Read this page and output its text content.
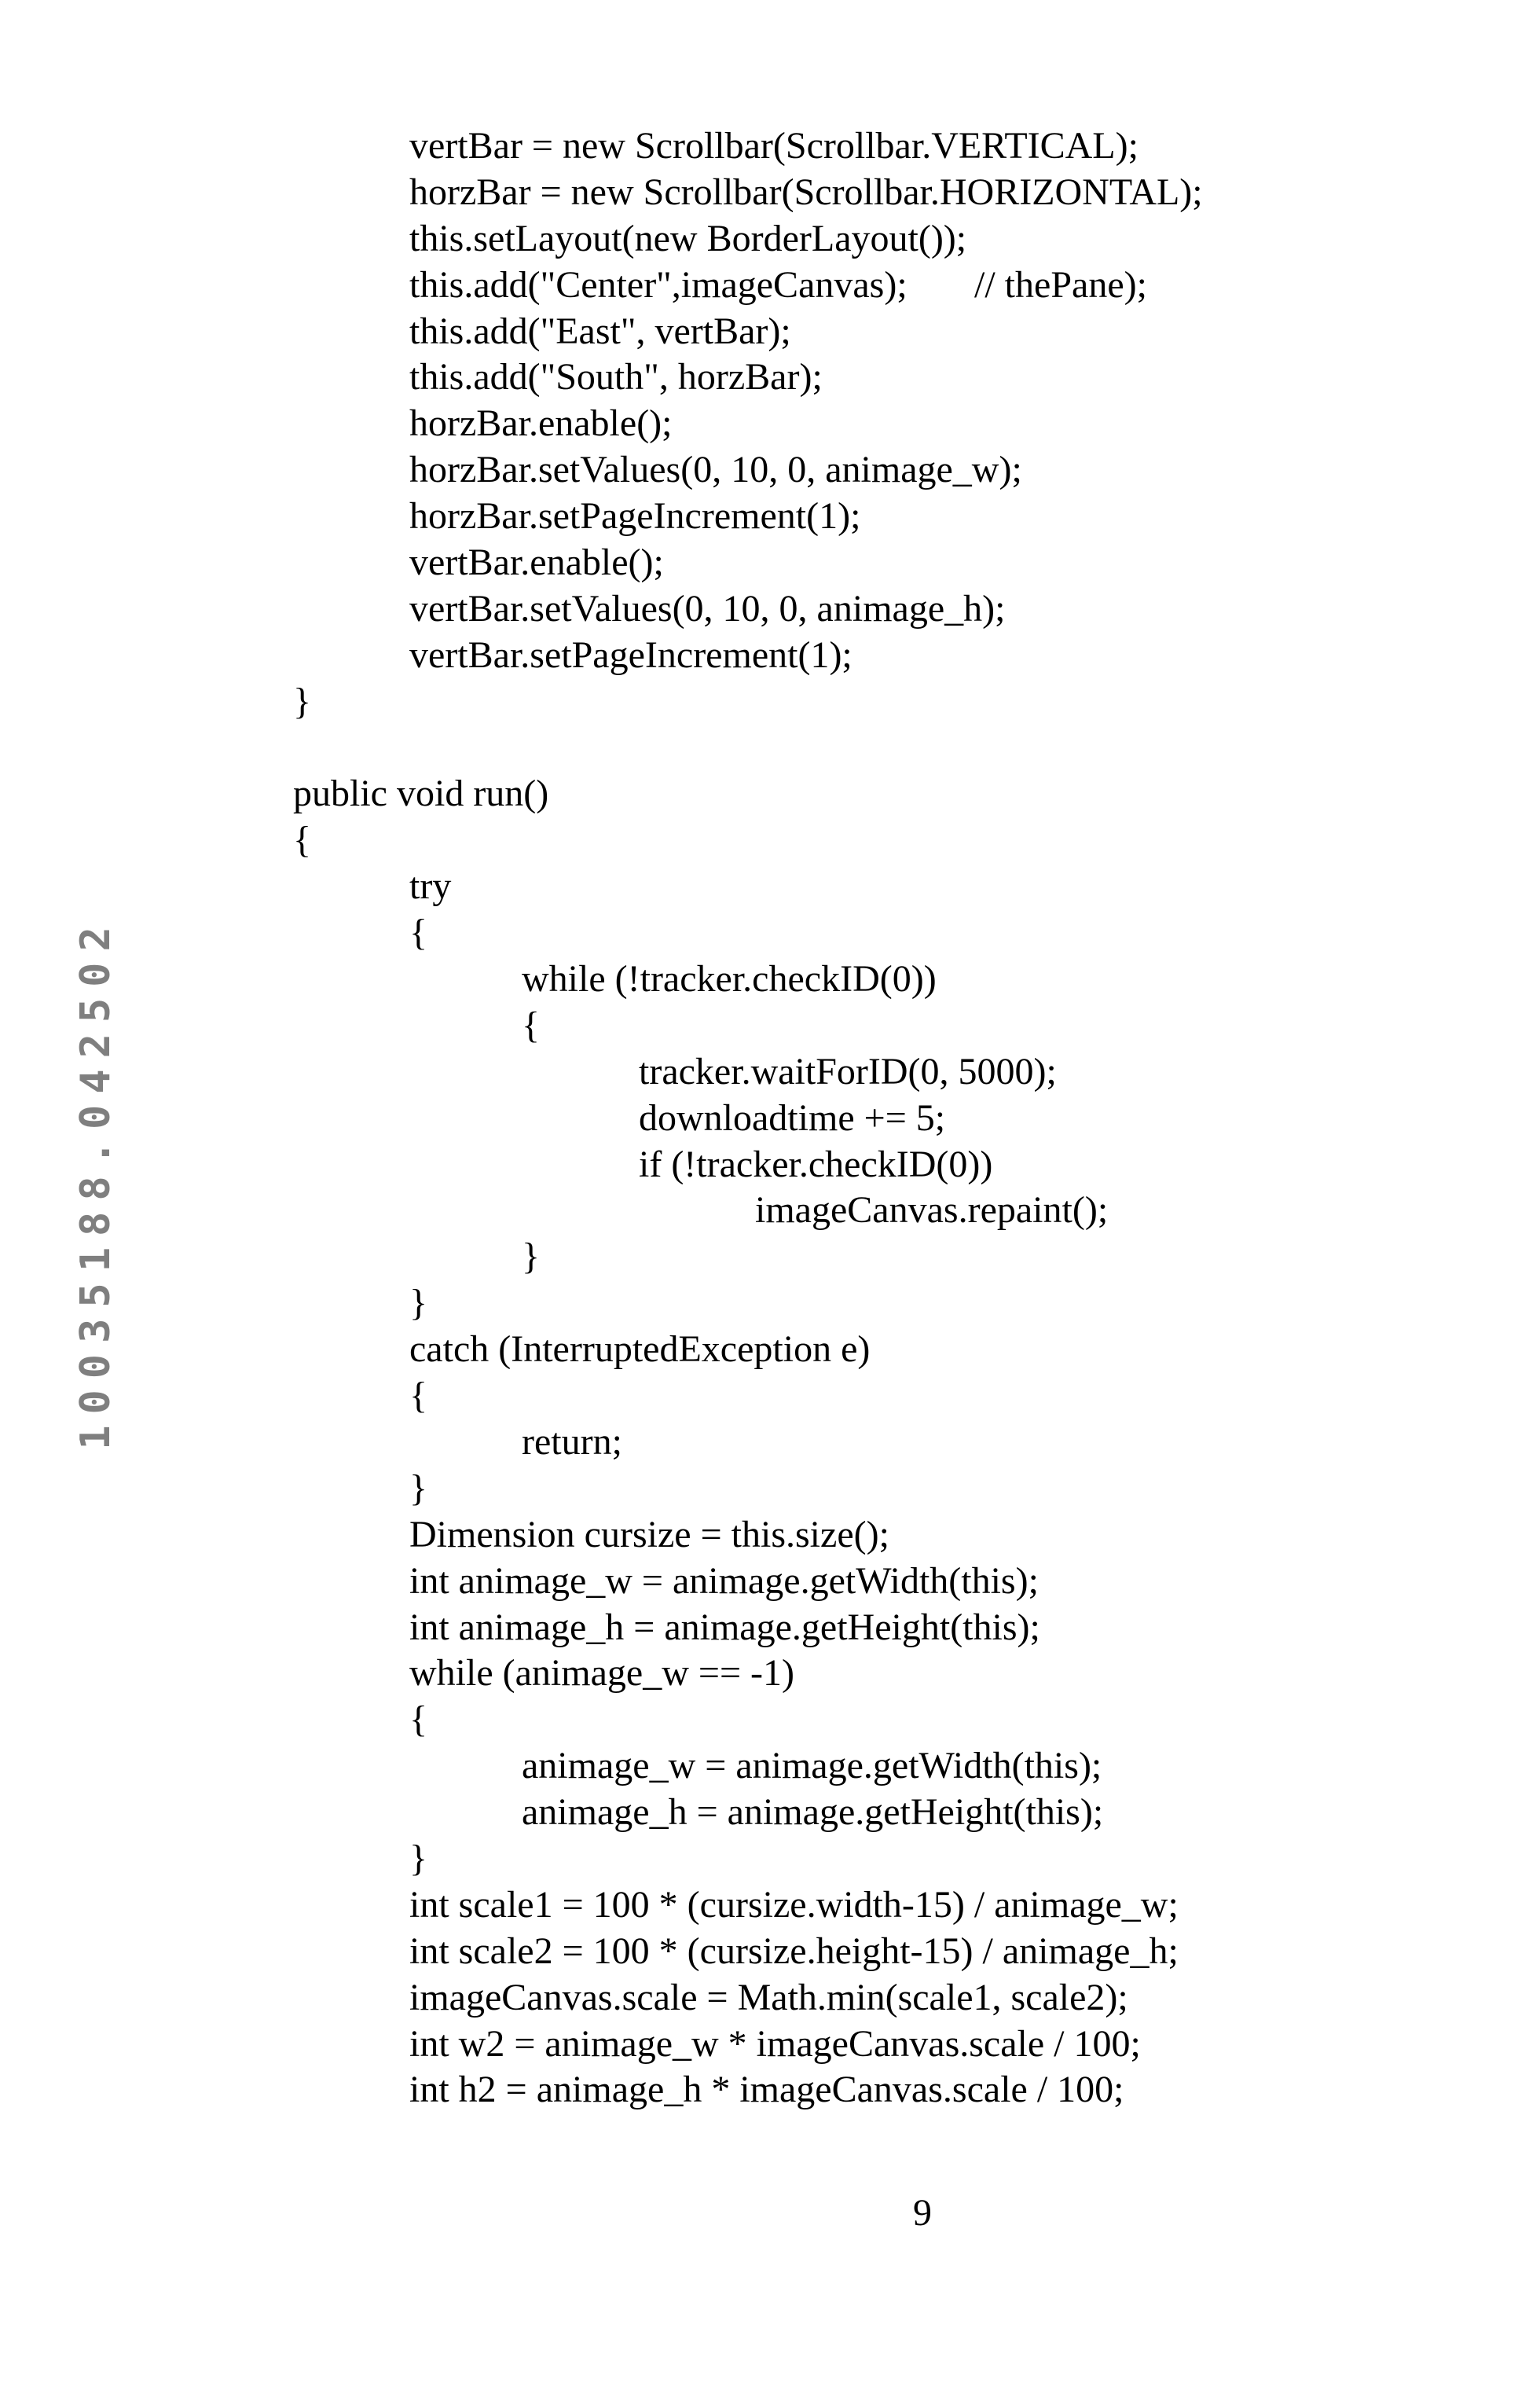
10035188.042502
vertBar = new Scrollbar(Scrollbar.VERTICAL);
horzBar = new Scrollbar(Scrollbar.HORIZONTAL);
this.setLayout(new BorderLayout());
this.add("Center",imageCanvas); // thePane);
this.add("East", vertBar);
this.add("South", horzBar);
horzBar.enable();
horzBar.setValues(0, 10, 0, animage_w);
horzBar.setPageIncrement(1);
vertBar.enable();
vertBar.setValues(0, 10, 0, animage_h);
vertBar.setPageIncrement(1);
}
public void run()
{
try
{
while (!tracker.checkID(0))
{
tracker.waitForID(0, 5000);
downloadtime += 5;
if (!tracker.checkID(0))
imageCanvas.repaint();
}
}
catch (InterruptedException e)
{
return;
}
Dimension cursize = this.size();
int animage_w = animage.getWidth(this);
int animage_h = animage.getHeight(this);
while (animage_w == -1)
{
animage_w = animage.getWidth(this);
animage_h = animage.getHeight(this);
}
int scale1 = 100 * (cursize.width-15) / animage_w;
int scale2 = 100 * (cursize.height-15) / animage_h;
imageCanvas.scale = Math.min(scale1, scale2);
int w2 = animage_w * imageCanvas.scale / 100;
int h2 = animage_h * imageCanvas.scale / 100;
9
